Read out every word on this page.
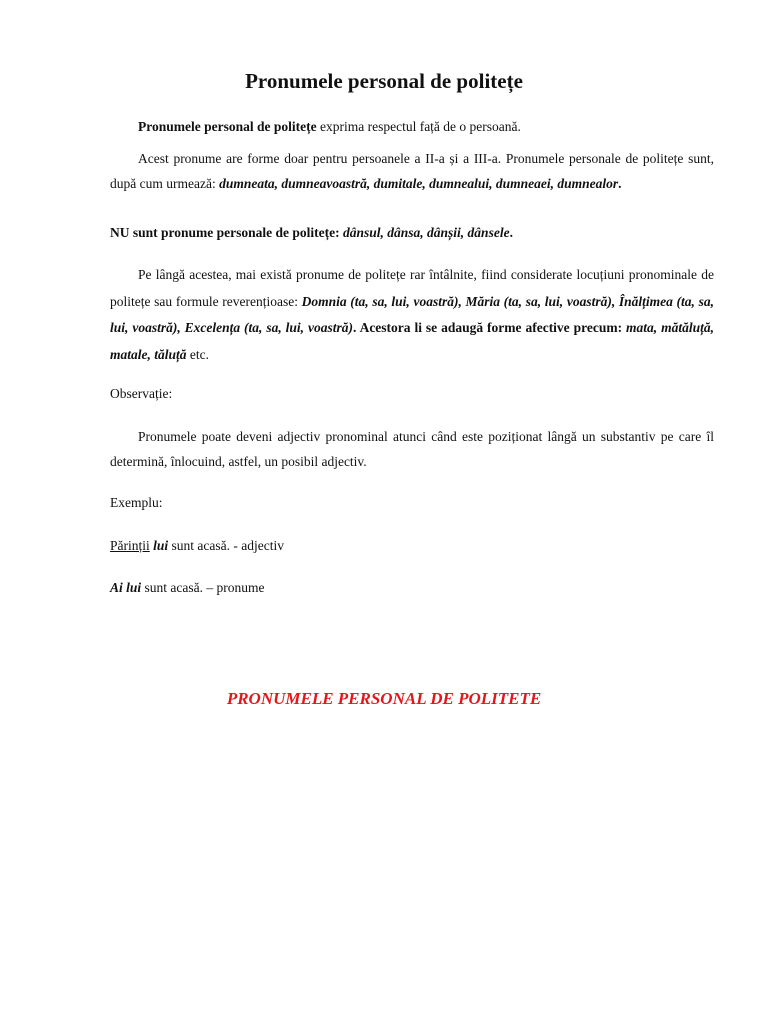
Pronumele personal de politețe
Pronumele personal de politețe exprima respectul față de o persoană.
Acest pronume are forme doar pentru persoanele a II-a și a III-a. Pronumele personale de politețe sunt, după cum urmează: dumneata, dumneavoastră, dumitale, dumnealui, dumneaei, dumnealor.
NU sunt pronume personale de politețe: dânsul, dânsa, dânșii, dânsele.
Pe lângă acestea, mai există pronume de politețe rar întâlnite, fiind considerate locuțiuni pronominale de politețe sau formule reverențioase: Domnia (ta, sa, lui, voastră), Măria (ta, sa, lui, voastră), Înălțimea (ta, sa, lui, voastră), Excelența (ta, sa, lui, voastră). Acestora li se adaugă forme afective precum: mata, mătăluță, matale, tăluță etc.
Observație:
Pronumele poate deveni adjectiv pronominal atunci când este poziționat lângă un substantiv pe care îl determină, înlocuind, astfel, un posibil adjectiv.
Exemplu:
Părinții lui sunt acasă. - adjectiv
Ai lui sunt acasă. – pronume
PRONUMELE PERSONAL DE POLITETE
